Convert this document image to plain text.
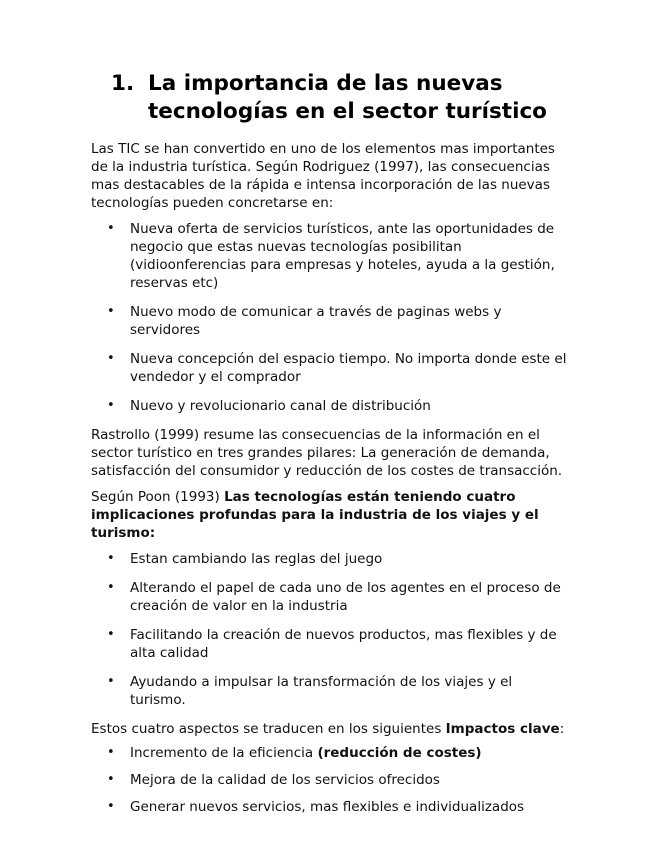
1. La importancia de las nuevas tecnologías en el sector turístico

Las TIC se han convertido en uno de los elementos mas importantes de la industria turística. Según Rodriguez (1997), las consecuencias mas destacables de la rápida e intensa incorporación de las nuevas tecnologías pueden concretarse en:

• Nueva oferta de servicios turísticos, ante las oportunidades de negocio que estas nuevas tecnologías posibilitan (vidioonferencias para empresas y hoteles, ayuda a la gestión, reservas etc)
• Nuevo modo de comunicar a través de paginas webs y servidores
• Nueva concepción del espacio tiempo. No importa donde este el vendedor y el comprador
• Nuevo y revolucionario canal de distribución

Rastrollo (1999) resume las consecuencias de la información en el sector turístico en tres grandes pilares: La generación de demanda, satisfacción del consumidor y reducción de los costes de transacción.

Según Poon (1993) Las tecnologías están teniendo cuatro implicaciones profundas para la industria de los viajes y el turismo:

• Estan cambiando las reglas del juego
• Alterando el papel de cada uno de los agentes en el proceso de creación de valor en la industria
• Facilitando la creación de nuevos productos, mas flexibles y de alta calidad
• Ayudando a impulsar la transformación de los viajes y el turismo.

Estos cuatro aspectos se traducen en los siguientes Impactos clave:

• Incremento de la eficiencia (reducción de costes)
• Mejora de la calidad de los servicios ofrecidos
• Generar nuevos servicios, mas flexibles e individualizados
